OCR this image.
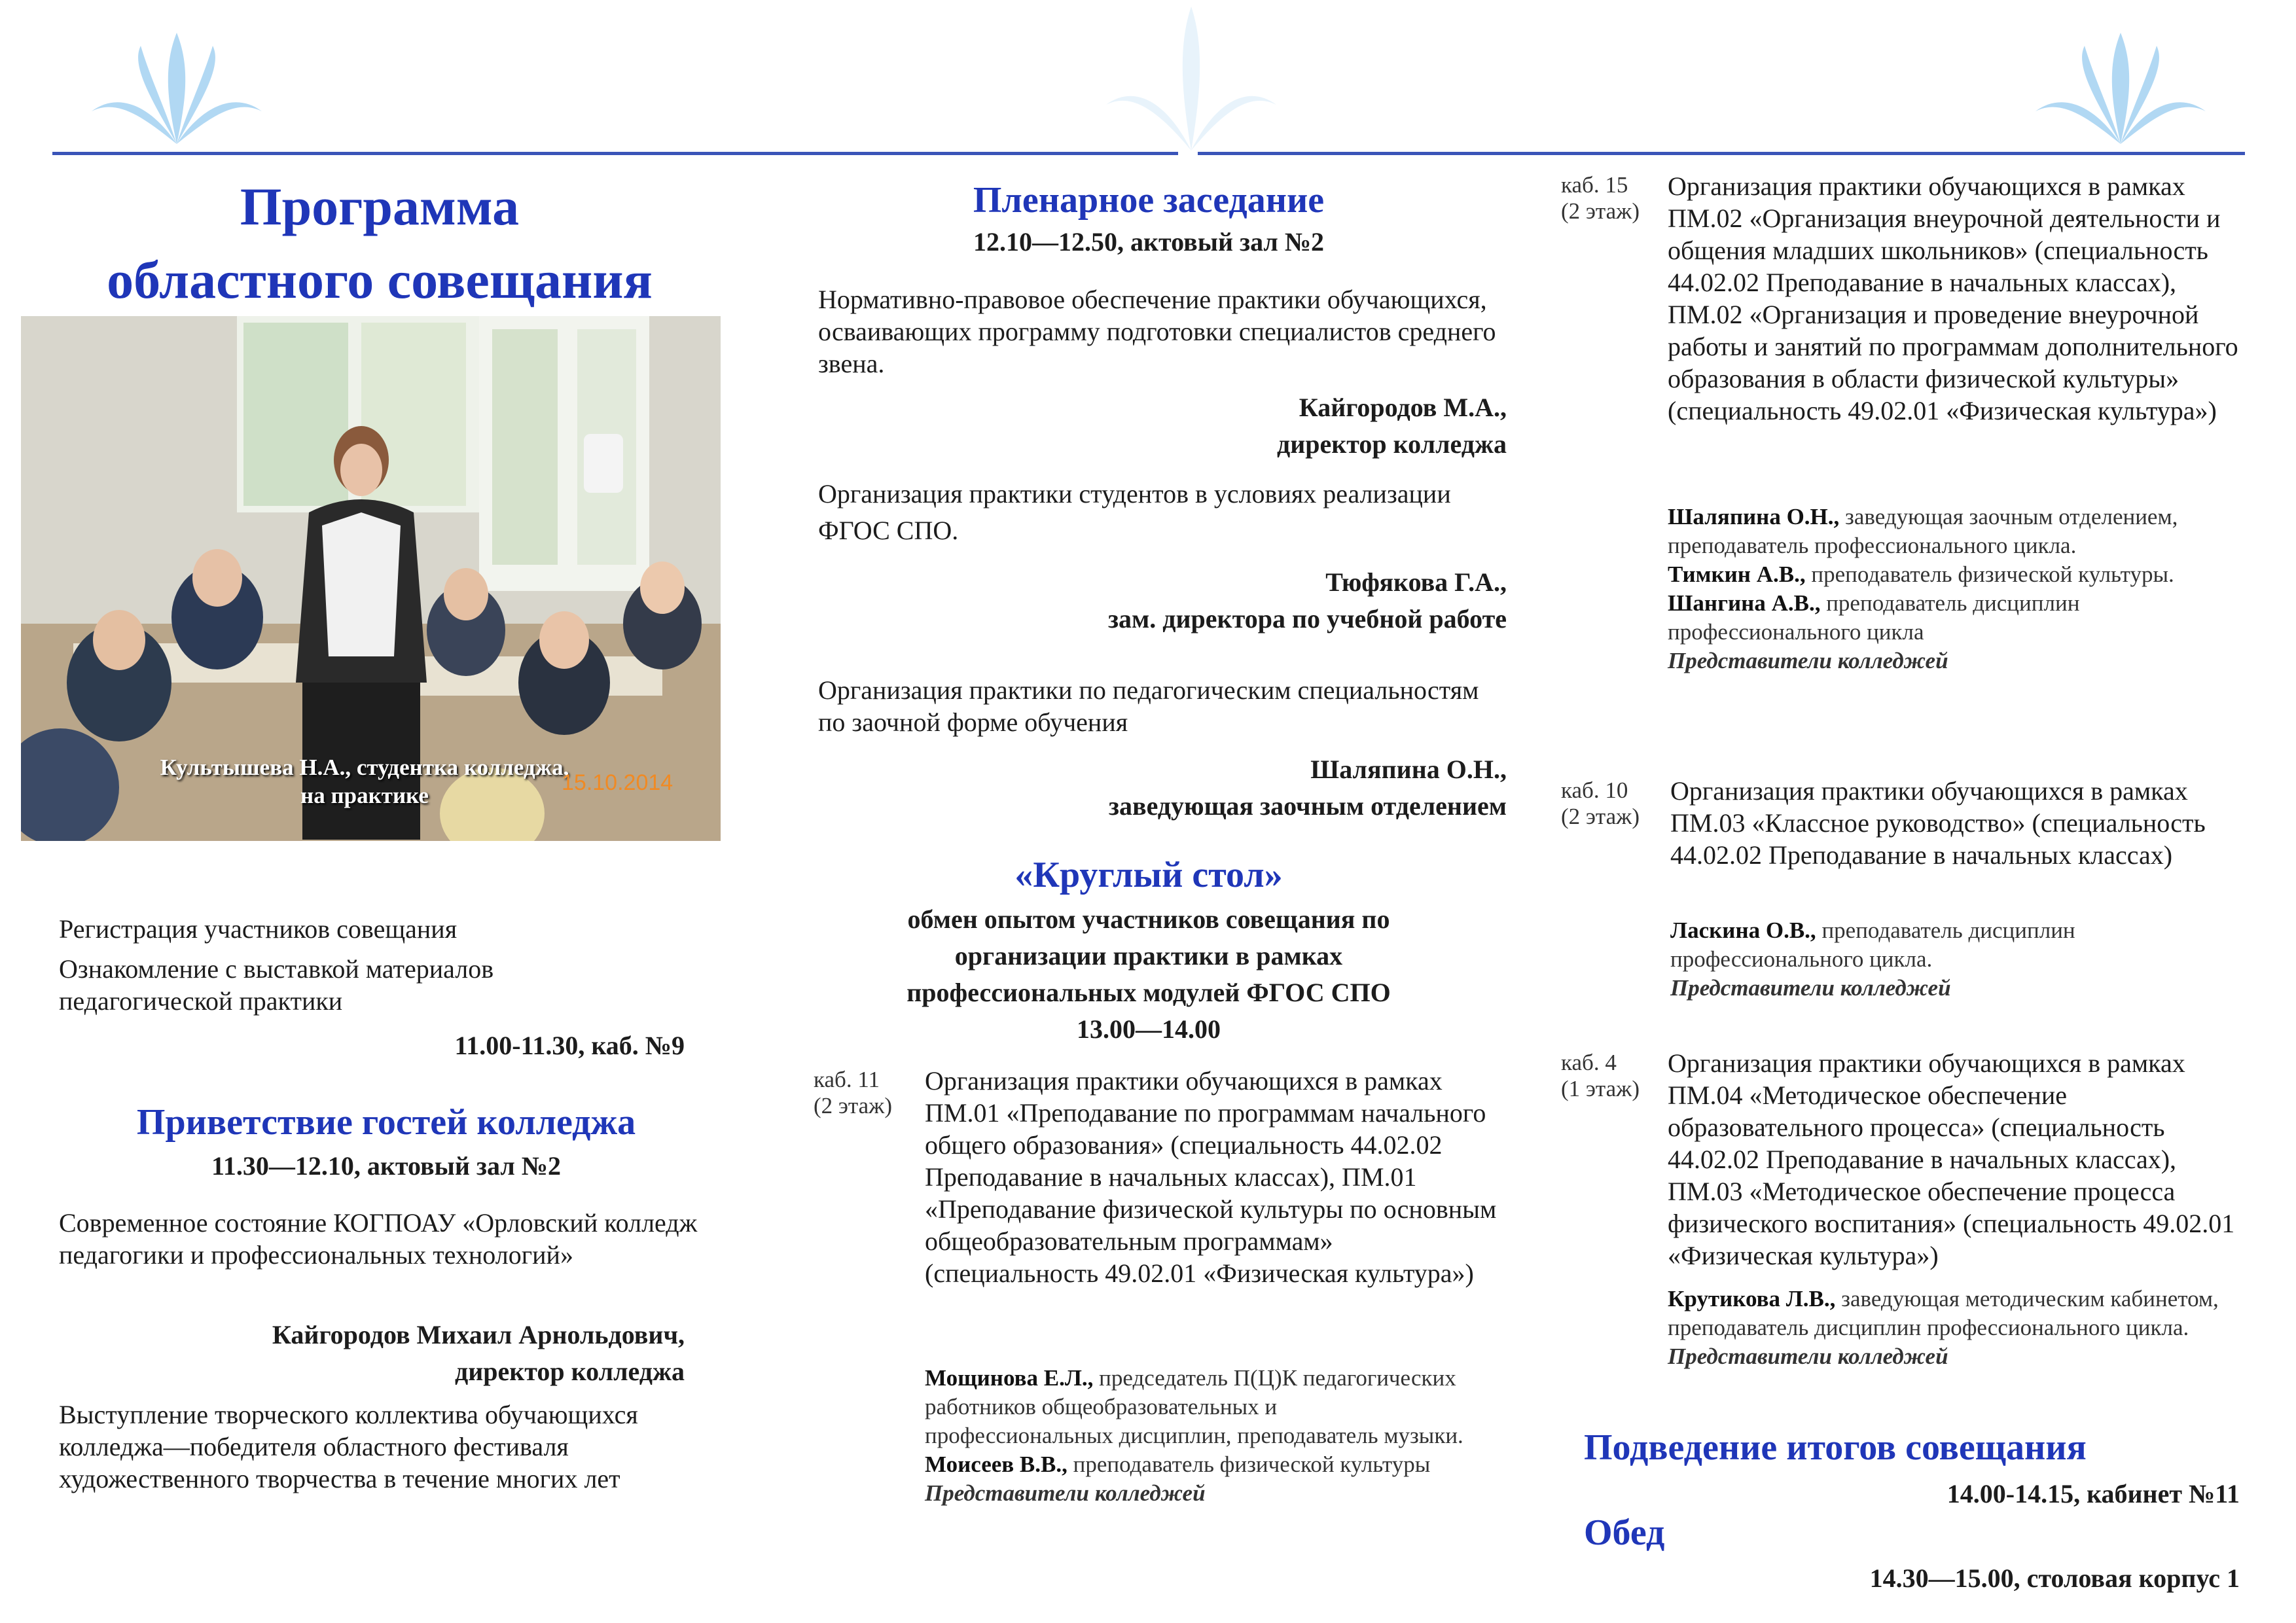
Программа
областного совещания
Культышева Н.А., студентка колледжа,
на практике	15.10.2014
Регистрация участников совещания
Ознакомление с выставкой материалов педагогической практики
11.00-11.30, каб. №9
Приветствие гостей колледжа
11.30—12.10, актовый зал №2
Современное состояние КОГПОАУ «Орловский колледж педагогики и профессиональных технологий»
Кайгородов Михаил Арнольдович,
директор колледжа
Выступление творческого коллектива обучающихся колледжа—победителя областного фестиваля художественного творчества в течение многих лет
Пленарное заседание
12.10—12.50, актовый зал №2
Нормативно-правовое обеспечение практики обучающихся, осваивающих программу подготовки специалистов среднего звена.
Кайгородов М.А.,
директор колледжа
Организация практики студентов в условиях реализации ФГОС СПО.
Тюфякова Г.А.,
зам. директора по учебной работе
Организация практики по педагогическим специальностям по заочной форме обучения
Шаляпина О.Н.,
заведующая заочным отделением
«Круглый стол»
обмен опытом участников совещания по организации практики в рамках профессиональных модулей ФГОС СПО
13.00—14.00
каб. 11
(2 этаж)
Организация практики обучающихся в рамках ПМ.01 «Преподавание по программам начального общего образования» (специальность 44.02.02 Преподавание в начальных классах), ПМ.01 «Преподавание физической культуры по основным общеобразовательным программам» (специальность 49.02.01 «Физическая культура»)
Мощинова Е.Л., председатель П(Ц)К педагогических работников общеобразовательных и профессиональных дисциплин, преподаватель музыки.
Моисеев В.В., преподаватель физической культуры
Представители колледжей
каб. 15
(2 этаж)
Организация практики обучающихся в рамках ПМ.02 «Организация внеурочной деятельности и общения младших школьников» (специальность 44.02.02 Преподавание в начальных классах), ПМ.02 «Организация и проведение внеурочной работы и занятий по программам дополнительного образования в области физической культуры» (специальность 49.02.01 «Физическая культура»)
Шаляпина О.Н., заведующая заочным отделением, преподаватель профессионального цикла.
Тимкин А.В., преподаватель физической культуры.
Шангина А.В., преподаватель дисциплин профессионального цикла
Представители колледжей
каб. 10
(2 этаж)
Организация практики обучающихся в рамках ПМ.03 «Классное руководство» (специальность 44.02.02 Преподавание в начальных классах)
Ласкина О.В., преподаватель дисциплин профессионального цикла.
Представители колледжей
каб. 4
(1 этаж)
Организация практики обучающихся в рамках ПМ.04 «Методическое обеспечение образовательного процесса» (специальность 44.02.02 Преподавание в начальных классах), ПМ.03 «Методическое обеспечение процесса физического воспитания» (специальность 49.02.01 «Физическая культура»)
Крутикова Л.В., заведующая методическим кабинетом, преподаватель дисциплин профессионального цикла.
Представители колледжей
Подведение итогов совещания
14.00-14.15, кабинет №11
Обед
14.30—15.00, столовая корпус 1
